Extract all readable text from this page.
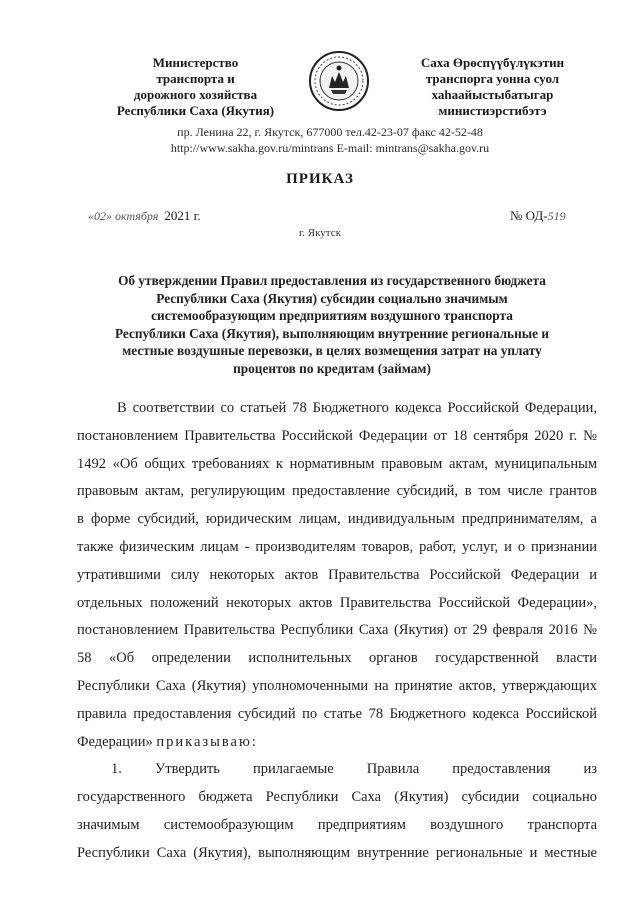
Министерство
транспорта и
дорожного хозяйства
Республики Саха (Якутия)
Саха Өрөспүүбүлүкэтин
транспорга уонна суол
хаһаайыстыбатыгар
министиэрстибэтэ
пр. Ленина 22, г. Якутск, 677000 тел.42-23-07 факс 42-52-48
http://www.sakha.gov.ru/mintrans E-mail: mintrans@sakha.gov.ru
ПРИКАЗ
«02» октября 2021 г.	№ ОД-519
г. Якутск
Об утверждении Правил предоставления из государственного бюджета
Республики Саха (Якутия) субсидии социально значимым
системообразующим предприятиям воздушного транспорта
Республики Саха (Якутия), выполняющим внутренние региональные и
местные воздушные перевозки, в целях возмещения затрат на уплату
процентов по кредитам (займам)
В соответствии со статьей 78 Бюджетного кодекса Российской Федерации,
постановлением Правительства Российской Федерации от 18 сентября 2020 г. №
1492 «Об общих требованиях к нормативным правовым актам, муниципальным
правовым актам, регулирующим предоставление субсидий, в том числе грантов
в форме субсидий, юридическим лицам, индивидуальным предпринимателям, а
также физическим лицам - производителям товаров, работ, услуг, и о признании
утратившими силу некоторых актов Правительства Российской Федерации и
отдельных положений некоторых актов Правительства Российской Федерации»,
постановлением Правительства Республики Саха (Якутия) от 29 февраля 2016 №
58 «Об определении исполнительных органов государственной власти
Республики Саха (Якутия) уполномоченными на принятие актов, утверждающих
правила предоставления субсидий по статье 78 Бюджетного кодекса Российской
Федерации» приказываю:
1. Утвердить прилагаемые Правила предоставления из
государственного бюджета Республики Саха (Якутия) субсидии социально
значимым системообразующим предприятиям воздушного транспорта
Республики Саха (Якутия), выполняющим внутренние региональные и местные
